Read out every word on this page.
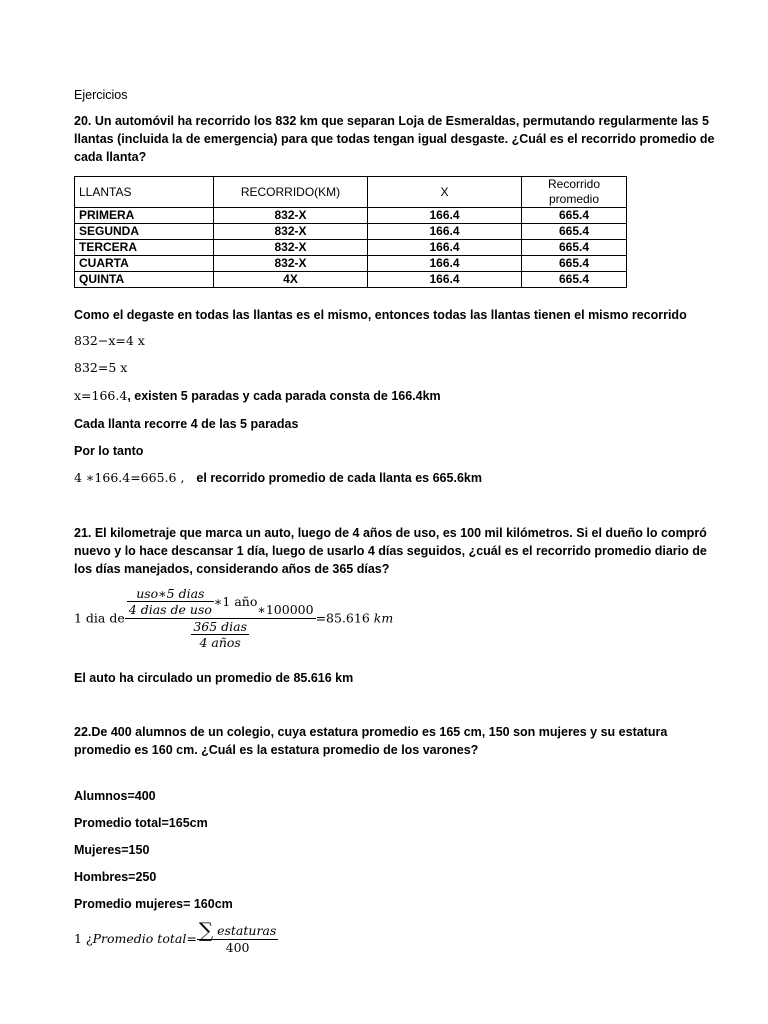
Ejercicios
20. Un automóvil ha recorrido los 832 km que separan Loja de Esmeraldas, permutando regularmente las 5 llantas (incluida la de emergencia) para que todas tengan igual desgaste. ¿Cuál es el recorrido promedio de cada llanta?
LLANTAS	RECORRIDO(KM)	X	Recorrido promedio
PRIMERA	832-X	166.4	665.4
SEGUNDA	832-X	166.4	665.4
TERCERA	832-X	166.4	665.4
CUARTA	832-X	166.4	665.4
QUINTA	4X	166.4	665.4
Como el degaste en todas las llantas es el mismo, entonces todas las llantas tienen el mismo recorrido
832−x=4 x
832=5 x
x=166.4, existen 5 paradas y cada parada consta de 166.4km
Cada llanta recorre 4 de las 5 paradas
Por lo tanto
4 ∗166.4=665.6 , el recorrido promedio de cada llanta es 665.6km
21. El kilometraje que marca un auto, luego de 4 años de uso, es 100 mil kilómetros. Si el dueño lo compró nuevo y lo hace descansar 1 día, luego de usarlo 4 días seguidos, ¿cuál es el recorrido promedio diario de los días manejados, considerando años de 365 días?
1 dia de $\frac{\frac{\text{uso∗5 dias}}{\text{4 dias de uso}} ∗1 año∗100000}{\frac{\text{365 dias}}{\text{4 años}}} =85.616$ km
El auto ha circulado un promedio de 85.616 km
22.De 400 alumnos de un colegio, cuya estatura promedio es 165 cm, 150 son mujeres y su estatura promedio es 160 cm. ¿Cuál es la estatura promedio de los varones?
Alumnos=400
Promedio total=165cm
Mujeres=150
Hombres=250
Promedio mujeres= 160cm
1 ¿Promedio total= $\frac{\text{∑ estaturas}}{400}$
